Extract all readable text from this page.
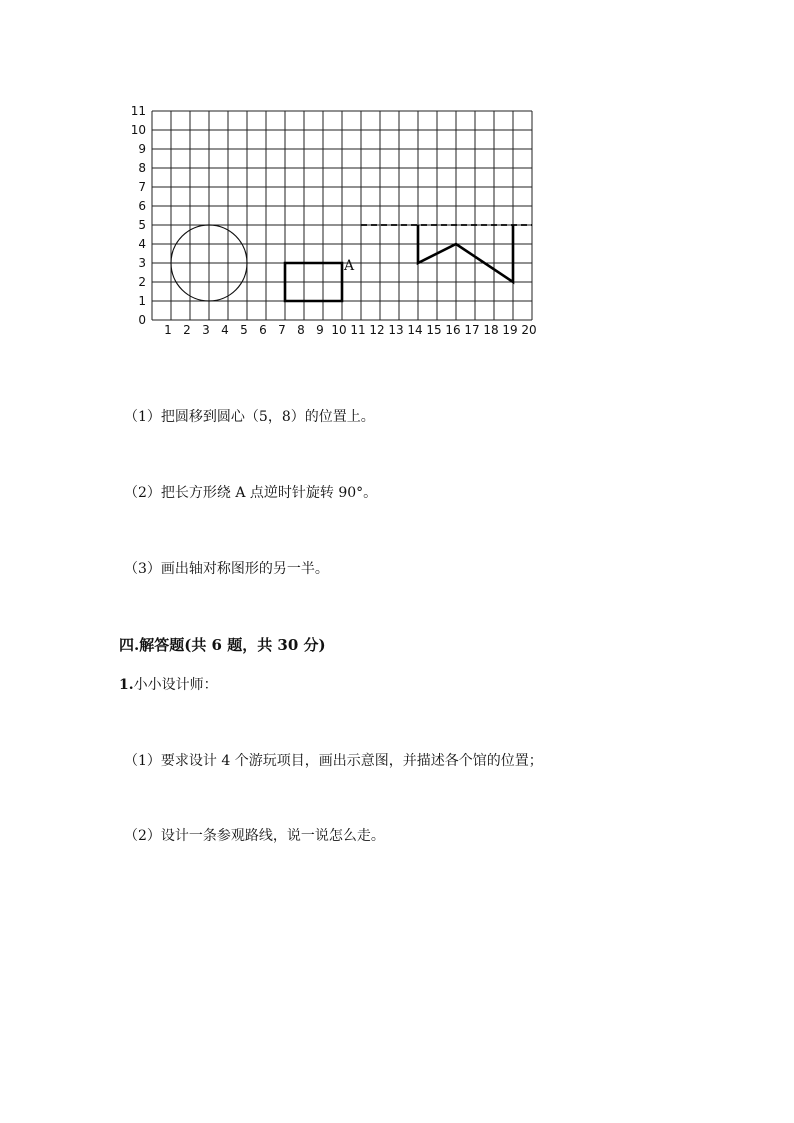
0
1
2
3
4
5
6
7
8
9
10
11
1 2 3 4 5 6 7 8 9 10 11 12 13 14 15 16 17 18 19 20
A
（1）把圆移到圆心（5，8）的位置上。
（2）把长方形绕 A 点逆时针旋转 90°。
（3）画出轴对称图形的另一半。
四.解答题(共 6 题，共 30 分)
1.小小设计师：
（1）要求设计 4 个游玩项目，画出示意图，并描述各个馆的位置；
（2）设计一条参观路线，说一说怎么走。
